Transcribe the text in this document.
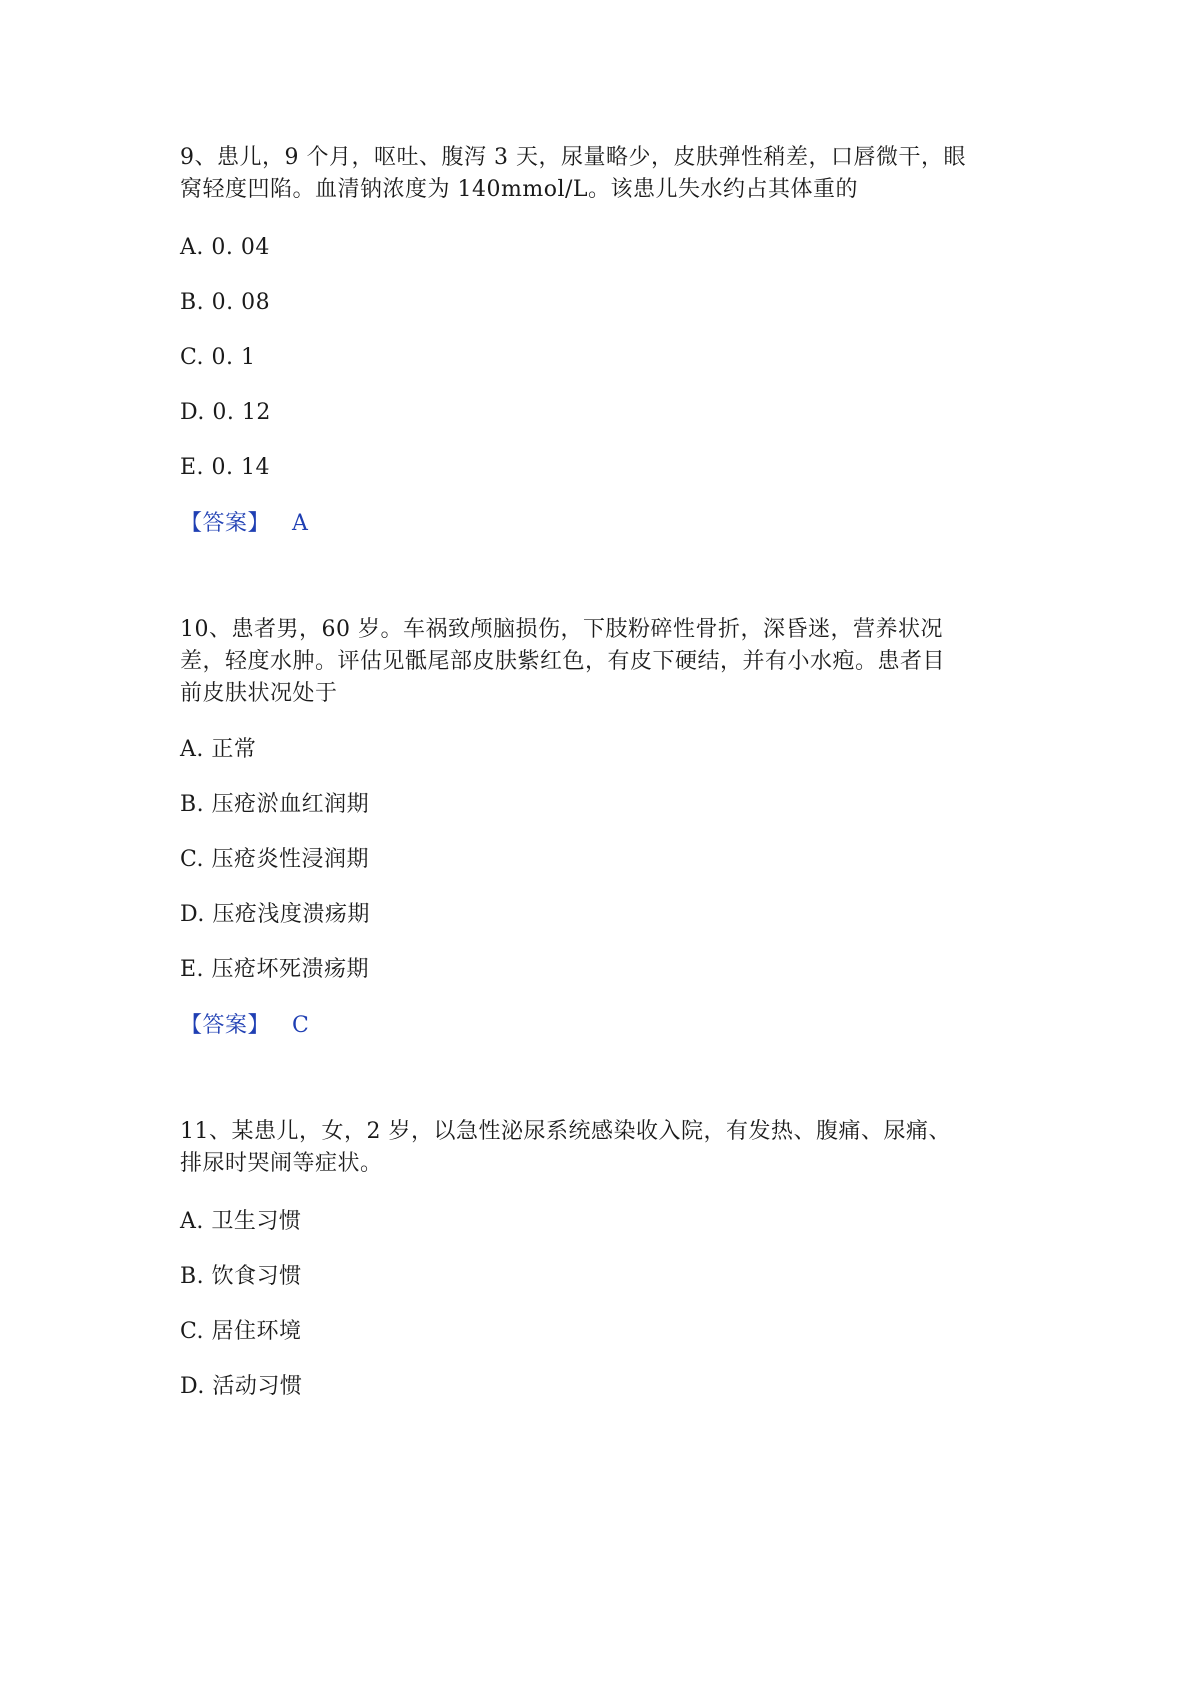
9、患儿，9 个月，呕吐、腹泻 3 天，尿量略少，皮肤弹性稍差，口唇微干，眼
窝轻度凹陷。血清钠浓度为 140mmol/L。该患儿失水约占其体重的
A. 0. 04
B. 0. 08
C. 0. 1
D. 0. 12
E. 0. 14
【答案】 A
10、患者男，60 岁。车祸致颅脑损伤，下肢粉碎性骨折，深昏迷，营养状况
差，轻度水肿。评估见骶尾部皮肤紫红色，有皮下硬结，并有小水疱。患者目
前皮肤状况处于
A. 正常
B. 压疮淤血红润期
C. 压疮炎性浸润期
D. 压疮浅度溃疡期
E. 压疮坏死溃疡期
【答案】 C
11、某患儿，女，2 岁，以急性泌尿系统感染收入院，有发热、腹痛、尿痛、
排尿时哭闹等症状。
A. 卫生习惯
B. 饮食习惯
C. 居住环境
D. 活动习惯
